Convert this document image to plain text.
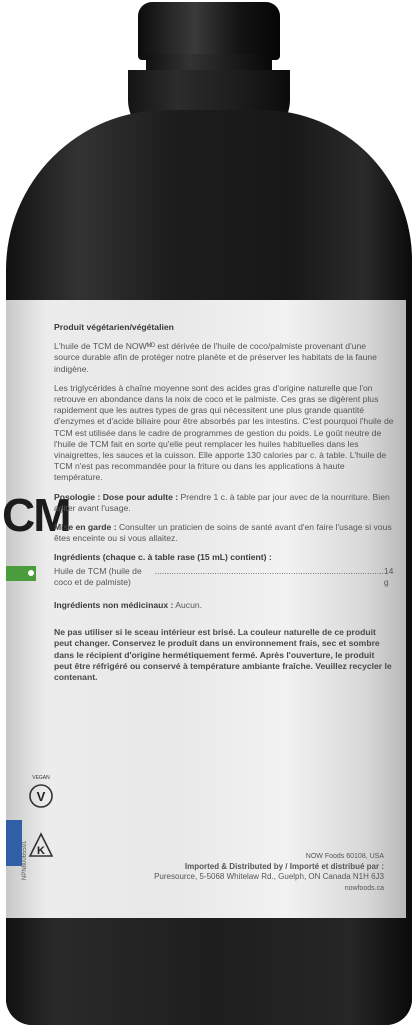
CM
V
VEGAN
K
NPN80065591

Produit végétarien/végétalien

L'huile de TCM de NOWᴹᴰ est dérivée de l'huile de coco/palmiste provenant d'une source durable afin de protéger notre planète et de préserver les habitats de la faune indigène.

Les triglycérides à chaîne moyenne sont des acides gras d'origine naturelle que l'on retrouve en abondance dans la noix de coco et le palmiste. Ces gras se digèrent plus rapidement que les autres types de gras qui nécessitent une plus grande quantité d'enzymes et d'acide biliaire pour être absorbés par les intestins. C'est pourquoi l'huile de TCM est utilisée dans le cadre de programmes de gestion du poids. Le goût neutre de l'huile de TCM fait en sorte qu'elle peut remplacer les huiles habituelles dans les vinaigrettes, les sauces et la cuisson. Elle apporte 130 calories par c. à table. L'huile de TCM n'est pas recommandée pour la friture ou dans les applications à haute température.

Posologie : Dose pour adulte : Prendre 1 c. à table par jour avec de la nourriture. Bien agiter avant l'usage.

Mise en garde : Consulter un praticien de soins de santé avant d'en faire l'usage si vous êtes enceinte ou si vous allaitez.

Ingrédients (chaque c. à table rase (15 mL) contient) :

Huile de TCM (huile de coco et de palmiste)
................................................................................................ 14 g

Ingrédients non médicinaux : Aucun.

Ne pas utiliser si le sceau intérieur est brisé. La couleur naturelle de ce produit peut changer. Conservez le produit dans un environnement frais, sec et sombre dans le récipient d'origine hermétiquement fermé. Après l'ouverture, le produit peut être réfrigéré ou conservé à température ambiante fraîche. Veuillez recycler le contenant.

NOW Foods 60108, USA
Imported & Distributed by / Importé et distribué par :
Puresource, 5-5068 Whitelaw Rd., Guelph, ON Canada N1H 6J3
nowfoods.ca
